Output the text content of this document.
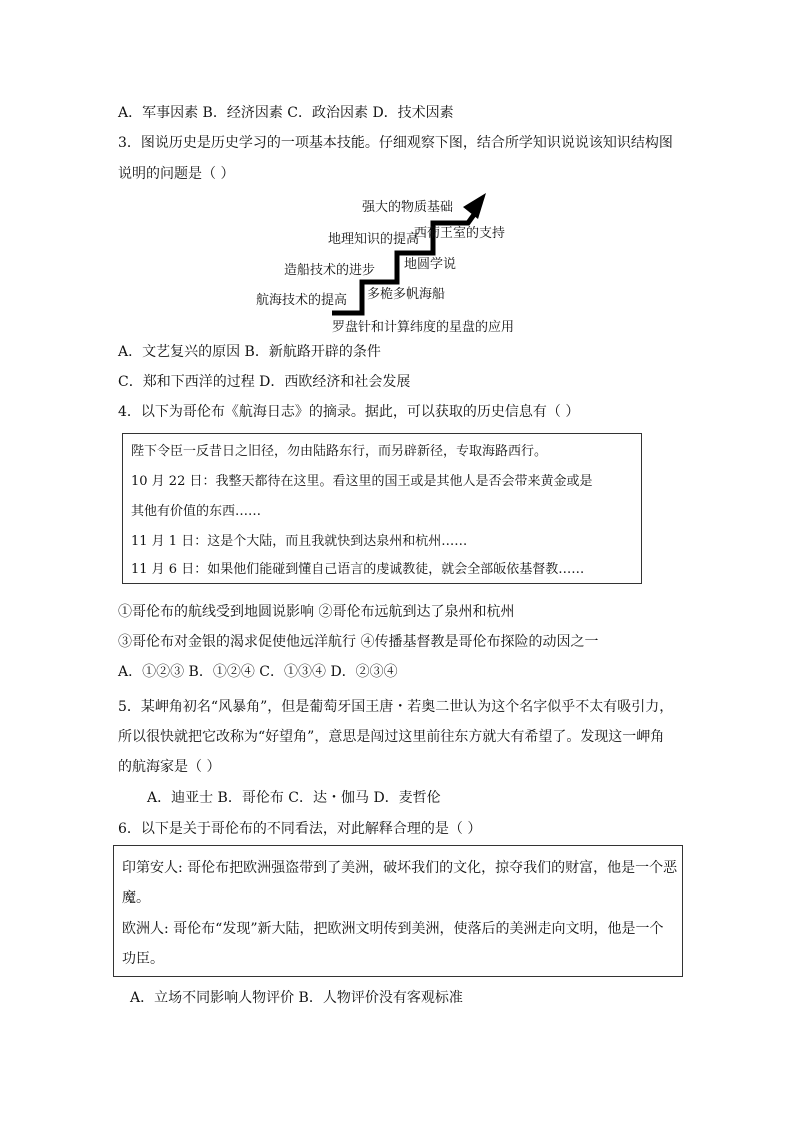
A．军事因素 B．经济因素 C．政治因素 D．技术因素
3．图说历史是历史学习的一项基本技能。仔细观察下图，结合所学知识说说该知识结构图
说明的问题是（ ）
强大的物质基础
地理知识的提高
造船技术的进步
航海技术的提高
西葡王室的支持
地圆学说
多桅多帆海船
罗盘针和计算纬度的星盘的应用
A．文艺复兴的原因 B．新航路开辟的条件
C．郑和下西洋的过程 D．西欧经济和社会发展
4．以下为哥伦布《航海日志》的摘录。据此，可以获取的历史信息有（ ）
陛下令臣一反昔日之旧径，勿由陆路东行，而另辟新径，专取海路西行。
10 月 22 日：我整天都待在这里。看这里的国王或是其他人是否会带来黄金或是
其他有价值的东西……
11 月 1 日：这是个大陆，而且我就快到达泉州和杭州……
11 月 6 日：如果他们能碰到懂自己语言的虔诚教徒，就会全部皈依基督教……
①哥伦布的航线受到地圆说影响 ②哥伦布远航到达了泉州和杭州
③哥伦布对金银的渴求促使他远洋航行 ④传播基督教是哥伦布探险的动因之一
A．①②③ B．①②④ C．①③④ D．②③④
5．某岬角初名“风暴角”，但是葡萄牙国王唐・若奥二世认为这个名字似乎不太有吸引力，
所以很快就把它改称为“好望角”，意思是闯过这里前往东方就大有希望了。发现这一岬角
的航海家是（ ）
A．迪亚士 B．哥伦布 C．达・伽马 D．麦哲伦
6．以下是关于哥伦布的不同看法，对此解释合理的是（ ）
印第安人: 哥伦布把欧洲强盗带到了美洲，破坏我们的文化，掠夺我们的财富，他是一个恶
魔。
欧洲人: 哥伦布“发现”新大陆，把欧洲文明传到美洲，使落后的美洲走向文明，他是一个
功臣。
A．立场不同影响人物评价 B．人物评价没有客观标准
